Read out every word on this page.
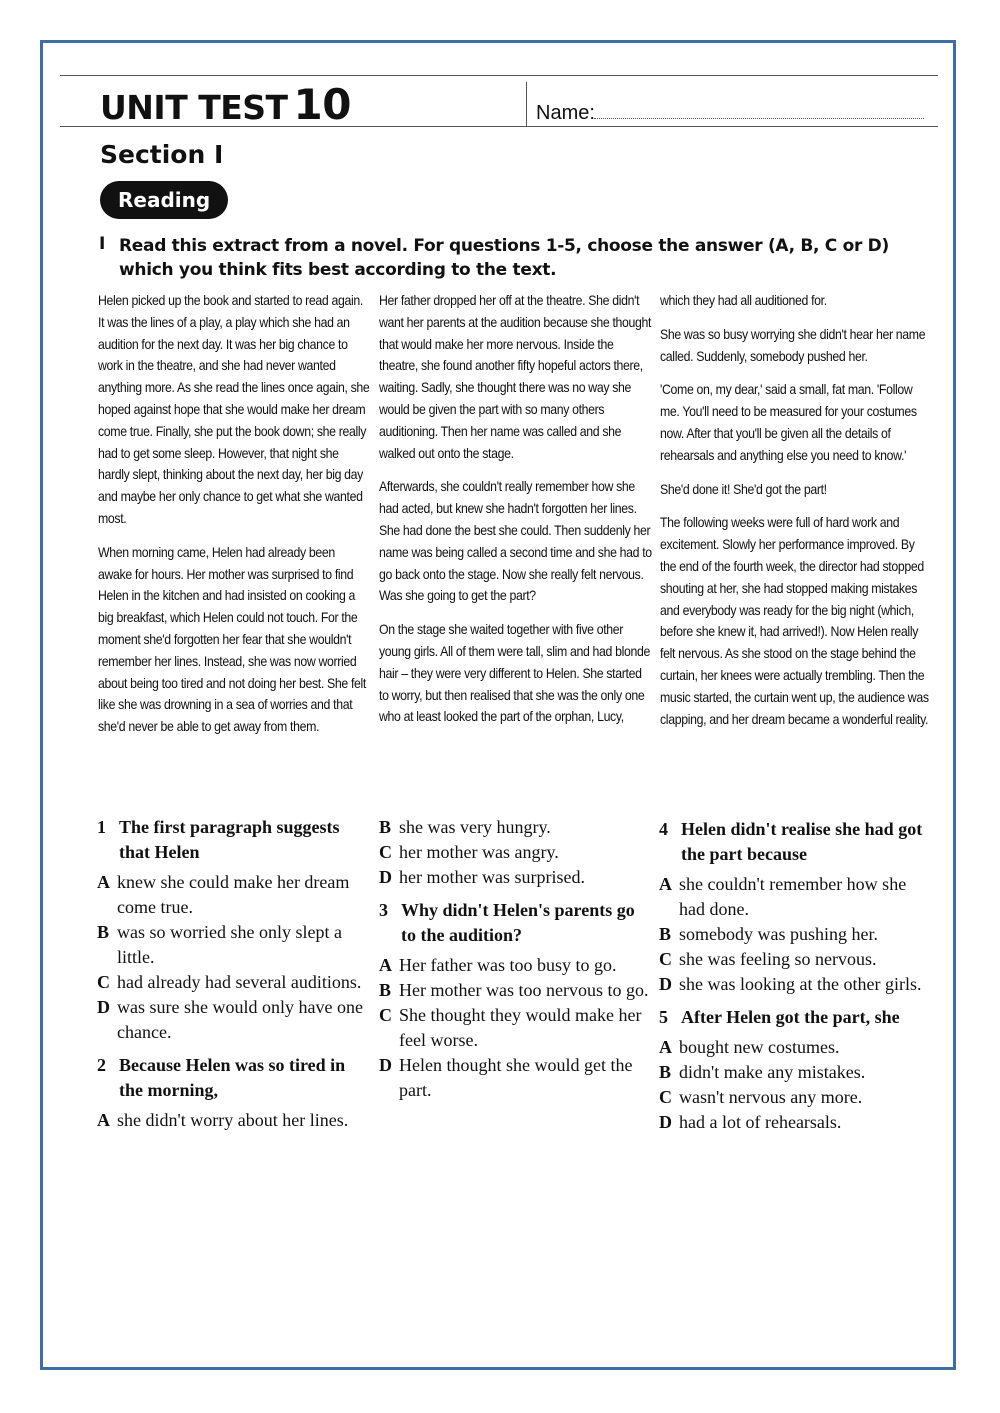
UNIT TEST 10	Name:
Section I
Reading
I Read this extract from a novel. For questions 1-5, choose the answer (A, B, C or D) which you think fits best according to the text.

Helen picked up the book and started to read again. It was the lines of a play, a play which she had an audition for the next day. It was her big chance to work in the theatre, and she had never wanted anything more. As she read the lines once again, she hoped against hope that she would make her dream come true. Finally, she put the book down; she really had to get some sleep. However, that night she hardly slept, thinking about the next day, her big day and maybe her only chance to get what she wanted most.

When morning came, Helen had already been awake for hours. Her mother was surprised to find Helen in the kitchen and had insisted on cooking a big breakfast, which Helen could not touch. For the moment she'd forgotten her fear that she wouldn't remember her lines. Instead, she was now worried about being too tired and not doing her best. She felt like she was drowning in a sea of worries and that she'd never be able to get away from them.

Her father dropped her off at the theatre. She didn't want her parents at the audition because she thought that would make her more nervous. Inside the theatre, she found another fifty hopeful actors there, waiting. Sadly, she thought there was no way she would be given the part with so many others auditioning. Then her name was called and she walked out onto the stage.

Afterwards, she couldn't really remember how she had acted, but knew she hadn't forgotten her lines. She had done the best she could. Then suddenly her name was being called a second time and she had to go back onto the stage. Now she really felt nervous. Was she going to get the part?

On the stage she waited together with five other young girls. All of them were tall, slim and had blonde hair – they were very different to Helen. She started to worry, but then realised that she was the only one who at least looked the part of the orphan, Lucy,

which they had all auditioned for.

She was so busy worrying she didn't hear her name called. Suddenly, somebody pushed her.

'Come on, my dear,' said a small, fat man. 'Follow me. You'll need to be measured for your costumes now. After that you'll be given all the details of rehearsals and anything else you need to know.'

She'd done it! She'd got the part!

The following weeks were full of hard work and excitement. Slowly her performance improved. By the end of the fourth week, the director had stopped shouting at her, she had stopped making mistakes and everybody was ready for the big night (which, before she knew it, had arrived!). Now Helen really felt nervous. As she stood on the stage behind the curtain, her knees were actually trembling. Then the music started, the curtain went up, the audience was clapping, and her dream became a wonderful reality.

1 The first paragraph suggests that Helen
A knew she could make her dream come true.
B was so worried she only slept a little.
C had already had several auditions.
D was sure she would only have one chance.
2 Because Helen was so tired in the morning,
A she didn't worry about her lines.
B she was very hungry.
C her mother was angry.
D her mother was surprised.
3 Why didn't Helen's parents go to the audition?
A Her father was too busy to go.
B Her mother was too nervous to go.
C She thought they would make her feel worse.
D Helen thought she would get the part.
4 Helen didn't realise she had got the part because
A she couldn't remember how she had done.
B somebody was pushing her.
C she was feeling so nervous.
D she was looking at the other girls.
5 After Helen got the part, she
A bought new costumes.
B didn't make any mistakes.
C wasn't nervous any more.
D had a lot of rehearsals.
